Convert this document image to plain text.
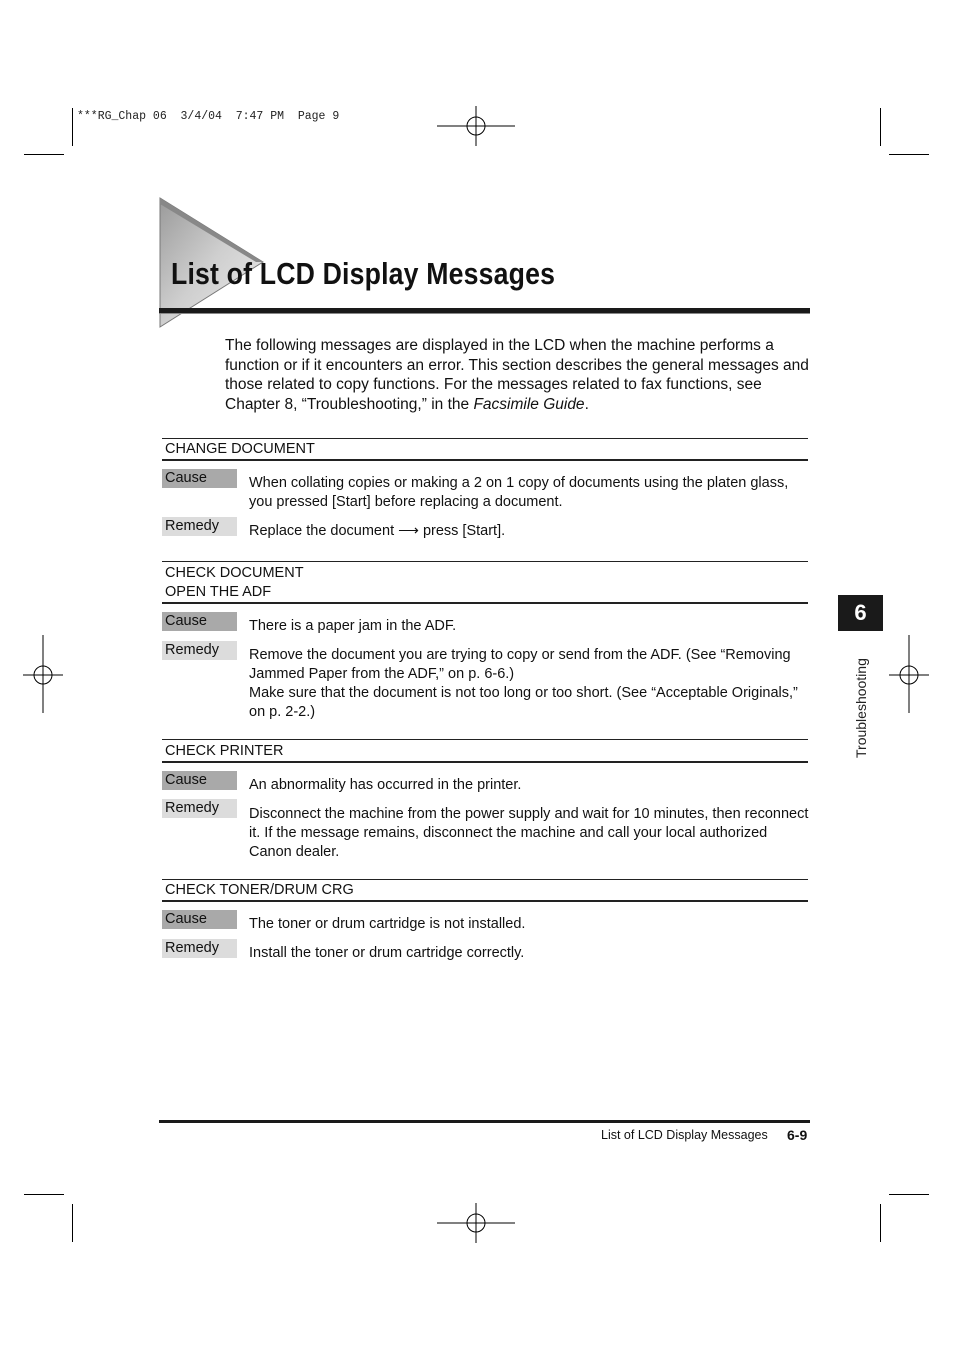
***RG_Chap 06  3/4/04  7:47 PM  Page 9
List of LCD Display Messages
The following messages are displayed in the LCD when the machine performs a function or if it encounters an error. This section describes the general messages and those related to copy functions. For the messages related to fax functions, see Chapter 8, “Troubleshooting,” in the Facsimile Guide.
CHANGE DOCUMENT
Cause	When collating copies or making a 2 on 1 copy of documents using the platen glass, you pressed [Start] before replacing a document.
Remedy	Replace the document ⟶ press [Start].
CHECK DOCUMENT
OPEN THE ADF
Cause	There is a paper jam in the ADF.
Remedy	Remove the document you are trying to copy or send from the ADF. (See “Removing Jammed Paper from the ADF,” on p. 6-6.)
Make sure that the document is not too long or too short. (See “Acceptable Originals,” on p. 2-2.)
CHECK PRINTER
Cause	An abnormality has occurred in the printer.
Remedy	Disconnect the machine from the power supply and wait for 10 minutes, then reconnect it. If the message remains, disconnect the machine and call your local authorized Canon dealer.
CHECK TONER/DRUM CRG
Cause	The toner or drum cartridge is not installed.
Remedy	Install the toner or drum cartridge correctly.
6
Troubleshooting
List of LCD Display Messages 6-9
